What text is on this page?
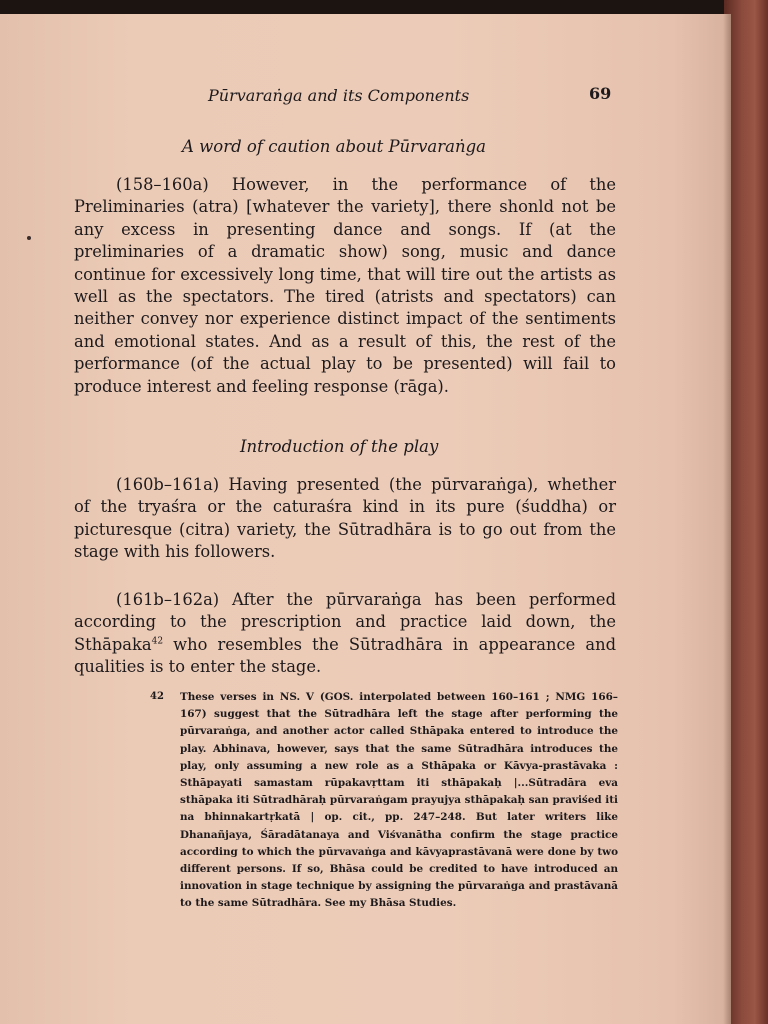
Pūrvaraṅga and its Components	69

A word of caution about Pūrvaraṅga

(158–160a) However, in the performance of the Preliminaries (atra) [whatever the variety], there shonld not be any excess in presenting dance and songs. If (at the preliminaries of a dramatic show) song, music and dance continue for excessively long time, that will tire out the artists as well as the spectators. The tired (atrists and spectators) can neither convey nor experience distinct impact of the sentiments and emotional states. And as a result of this, the rest of the performance (of the actual play to be presented) will fail to produce interest and feeling response (rāga).

Introduction of the play

(160b–161a) Having presented (the pūrvaraṅga), whether of the tryaśra or the caturaśra kind in its pure (śuddha) or picturesque (citra) variety, the Sūtradhāra is to go out from the stage with his followers.

(161b–162a) After the pūrvaraṅga has been performed according to the prescription and practice laid down, the Sthāpaka$^{42}$ who resembles the Sūtradhāra in appearance and qualities is to enter the stage.

42 These verses in NS. V (GOS. interpolated between 160–161 ; NMG 166–167) suggest that the Sūtradhāra left the stage after performing the pūrvaraṅga, and another actor called Sthāpaka entered to introduce the play. Abhinava, however, says that the same Sūtradhāra introduces the play, only assuming a new role as a Sthāpaka or Kāvya-prastāvaka : Sthāpayati samastam rūpakavṛttam iti sthāpakaḥ |...Sūtradāra eva sthāpaka iti Sūtradhāraḥ pūrvaraṅgam prayujya sthāpakaḥ san praviśed iti na bhinnakartṛkatā | op. cit., pp. 247–248. But later writers like Dhanañjaya, Śāradātanaya and Viśvanātha confirm the stage practice according to which the pūrvavaṅga and kāvyaprastāvanā were done by two different persons. If so, Bhāsa could be credited to have introduced an innovation in stage technique by assigning the pūrvaraṅga and prastāvanā to the same Sūtradhāra. See my Bhāsa Studies.
